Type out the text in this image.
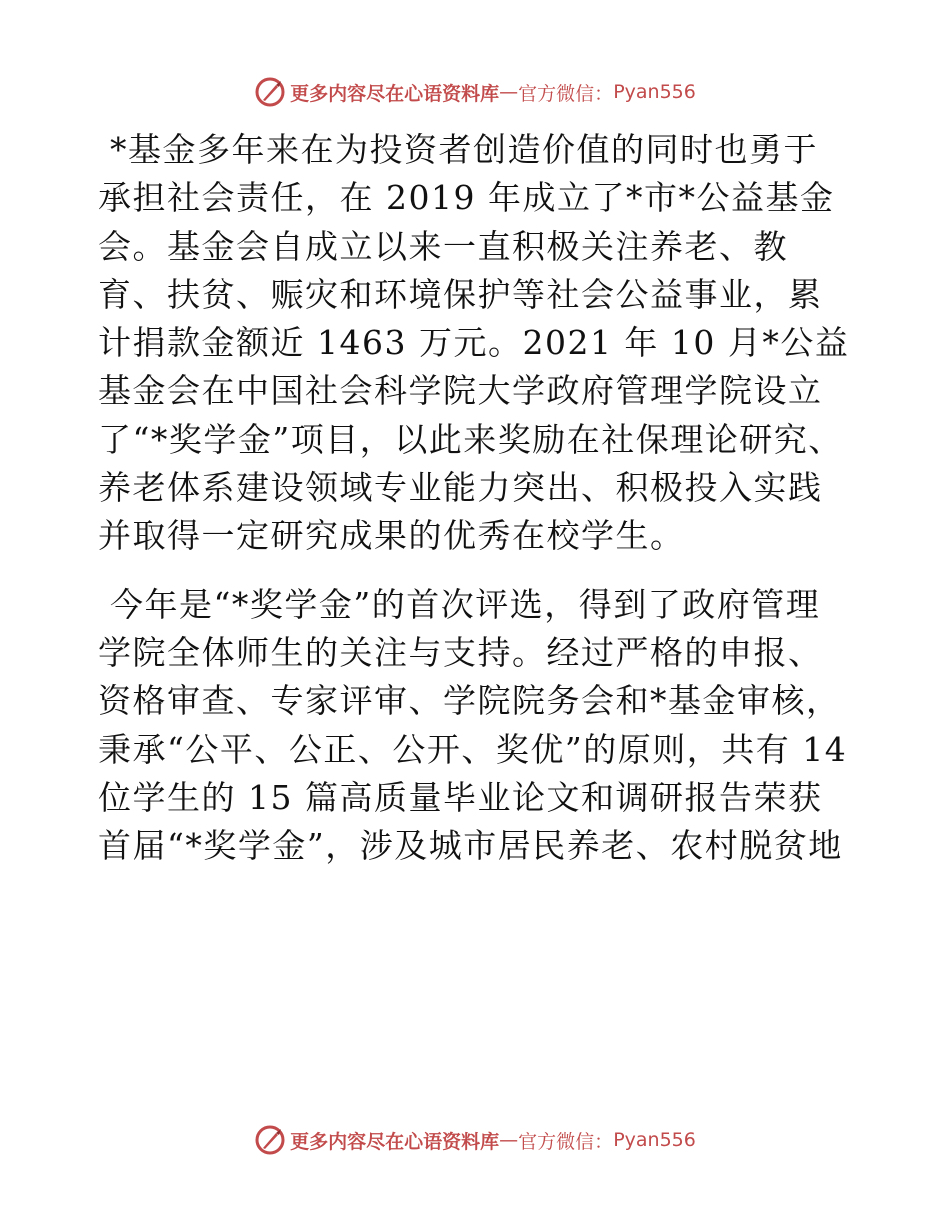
更多内容尽在心语资料库 — 官方微信： Pyan556

*基金多年来在为投资者创造价值的同时也勇于承担社会责任，在 2019 年成立了*市*公益基金会。基金会自成立以来一直积极关注养老、教育、扶贫、赈灾和环境保护等社会公益事业，累计捐款金额近 1463 万元。2021 年 10 月*公益基金会在中国社会科学院大学政府管理学院设立了“*奖学金”项目，以此来奖励在社保理论研究、养老体系建设领域专业能力突出、积极投入实践并取得一定研究成果的优秀在校学生。

今年是“*奖学金”的首次评选，得到了政府管理学院全体师生的关注与支持。经过严格的申报、资格审查、专家评审、学院院务会和*基金审核，秉承“公平、公正、公开、奖优”的原则，共有 14 位学生的 15 篇高质量毕业论文和调研报告荣获首届“*奖学金”，涉及城市居民养老、农村脱贫地

更多内容尽在心语资料库 — 官方微信： Pyan556
